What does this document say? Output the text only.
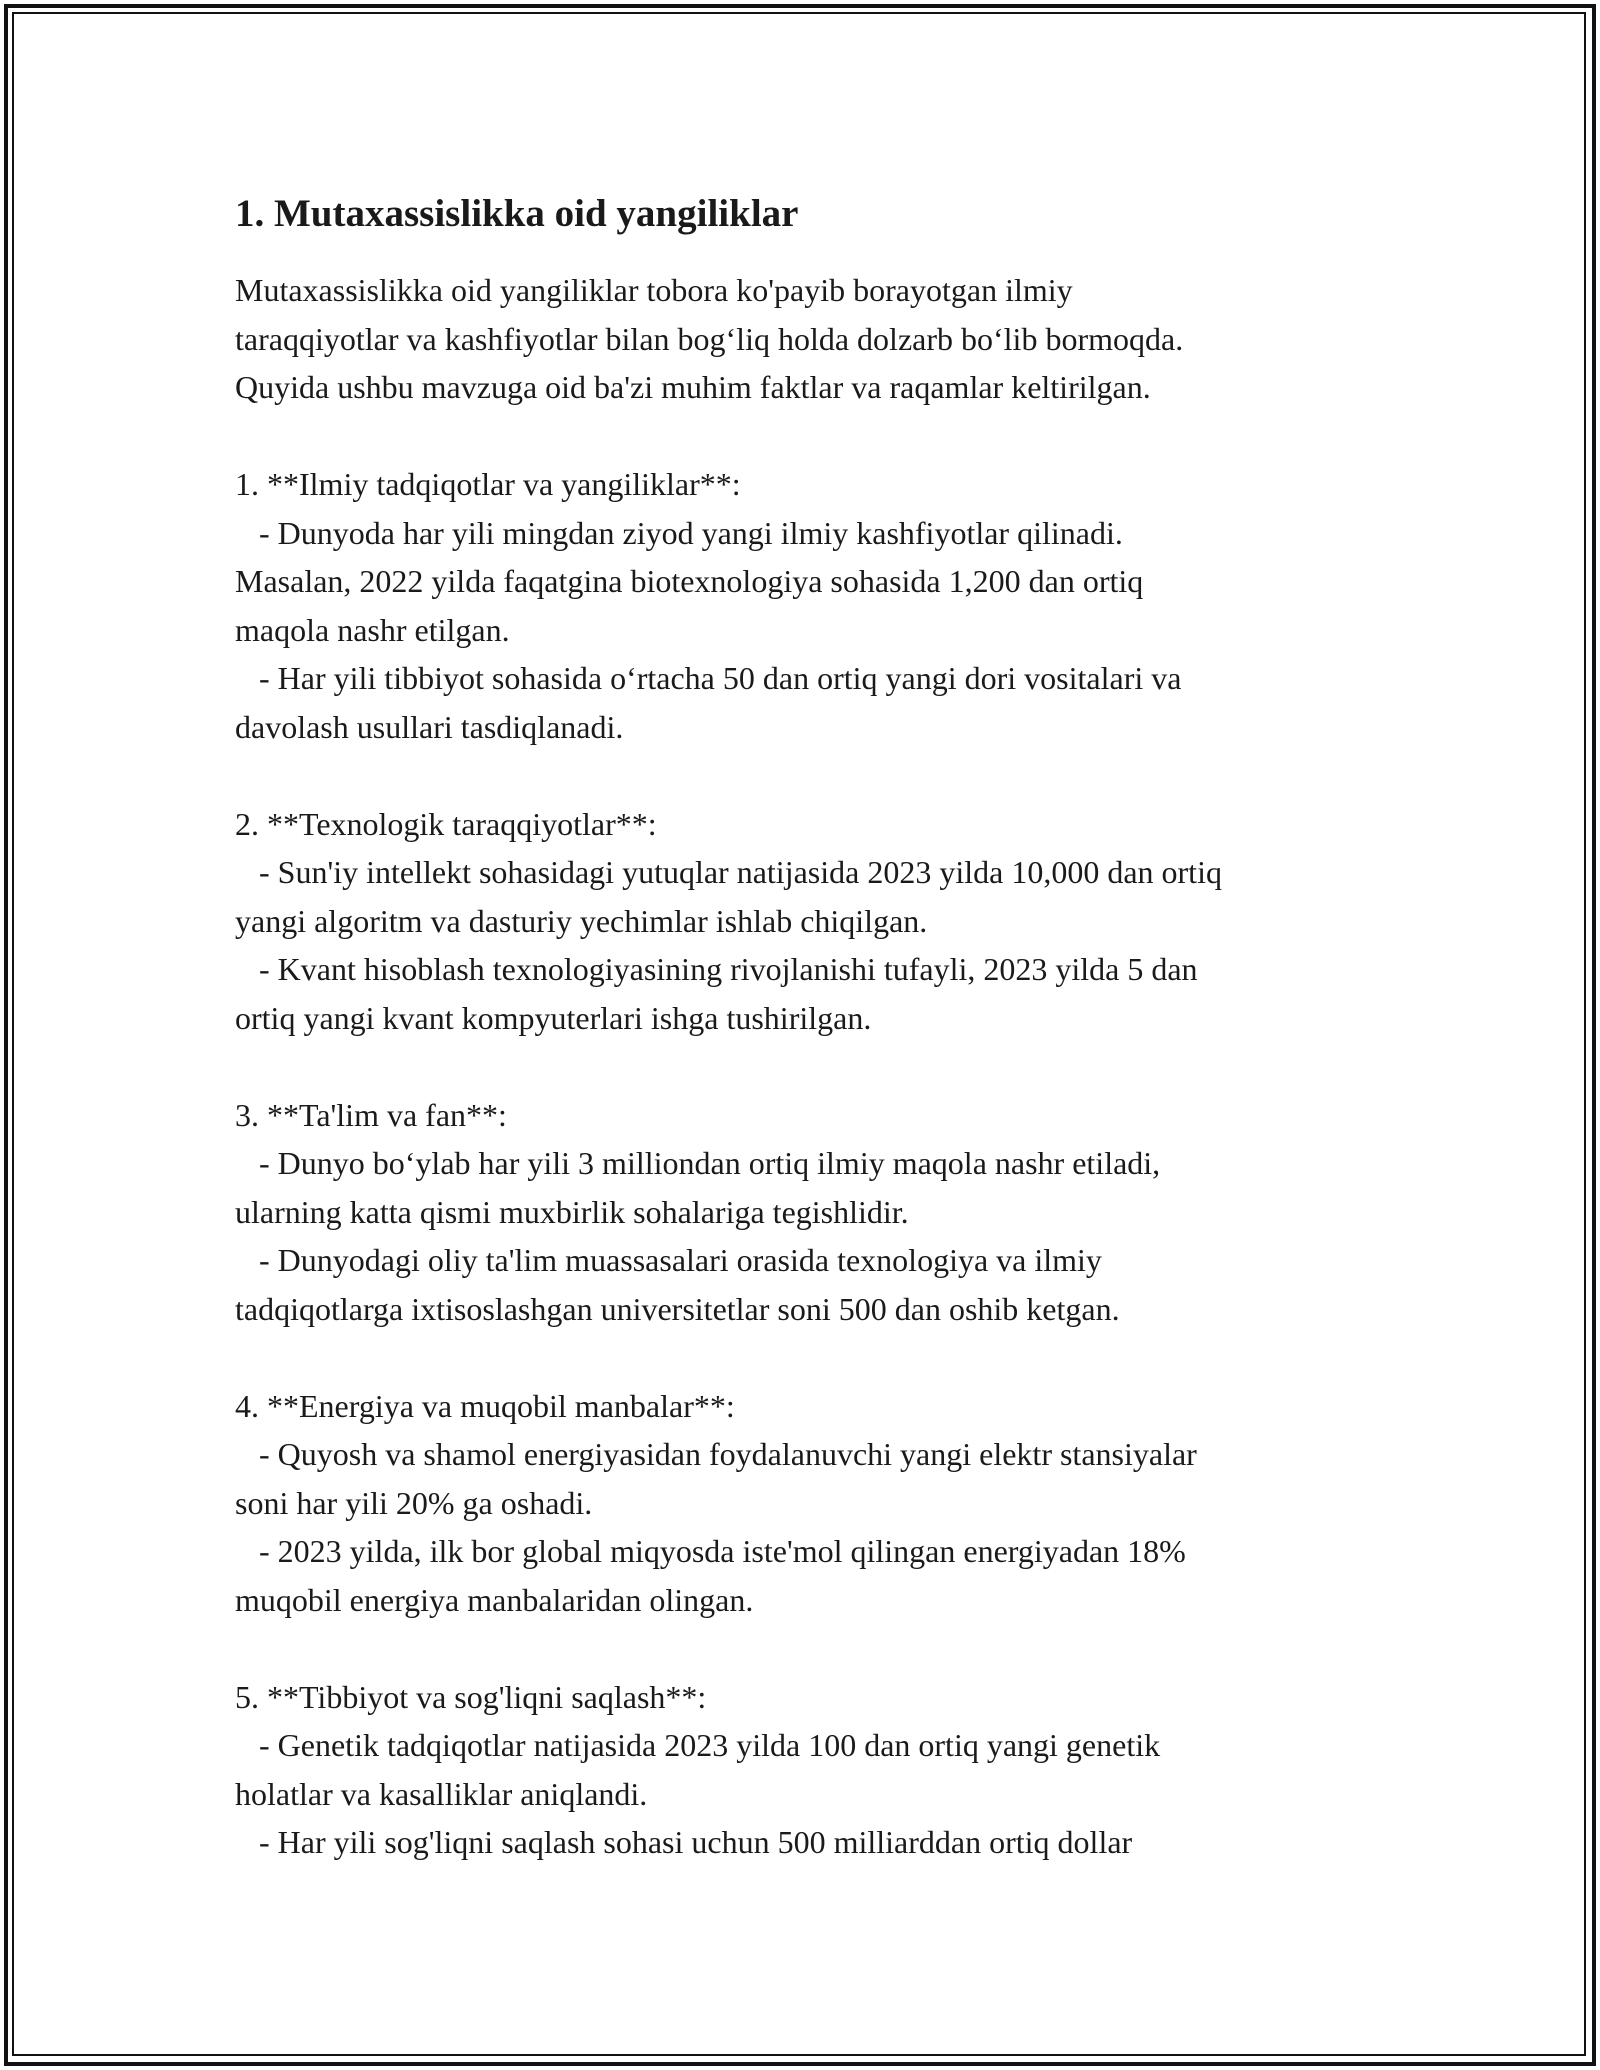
1. Mutaxassislikka oid yangiliklar
Mutaxassislikka oid yangiliklar tobora ko'payib borayotgan ilmiy
taraqqiyotlar va kashfiyotlar bilan bog‘liq holda dolzarb bo‘lib bormoqda.
Quyida ushbu mavzuga oid ba'zi muhim faktlar va raqamlar keltirilgan.

1. **Ilmiy tadqiqotlar va yangiliklar**:
- Dunyoda har yili mingdan ziyod yangi ilmiy kashfiyotlar qilinadi.
Masalan, 2022 yilda faqatgina biotexnologiya sohasida 1,200 dan ortiq
maqola nashr etilgan.
- Har yili tibbiyot sohasida o‘rtacha 50 dan ortiq yangi dori vositalari va
davolash usullari tasdiqlanadi.

2. **Texnologik taraqqiyotlar**:
- Sun'iy intellekt sohasidagi yutuqlar natijasida 2023 yilda 10,000 dan ortiq
yangi algoritm va dasturiy yechimlar ishlab chiqilgan.
- Kvant hisoblash texnologiyasining rivojlanishi tufayli, 2023 yilda 5 dan
ortiq yangi kvant kompyuterlari ishga tushirilgan.

3. **Ta'lim va fan**:
- Dunyo bo‘ylab har yili 3 milliondan ortiq ilmiy maqola nashr etiladi,
ularning katta qismi muxbirlik sohalariga tegishlidir.
- Dunyodagi oliy ta'lim muassasalari orasida texnologiya va ilmiy
tadqiqotlarga ixtisoslashgan universitetlar soni 500 dan oshib ketgan.

4. **Energiya va muqobil manbalar**:
- Quyosh va shamol energiyasidan foydalanuvchi yangi elektr stansiyalar
soni har yili 20% ga oshadi.
- 2023 yilda, ilk bor global miqyosda iste'mol qilingan energiyadan 18%
muqobil energiya manbalaridan olingan.

5. **Tibbiyot va sog'liqni saqlash**:
- Genetik tadqiqotlar natijasida 2023 yilda 100 dan ortiq yangi genetik
holatlar va kasalliklar aniqlandi.
- Har yili sog'liqni saqlash sohasi uchun 500 milliarddan ortiq dollar
